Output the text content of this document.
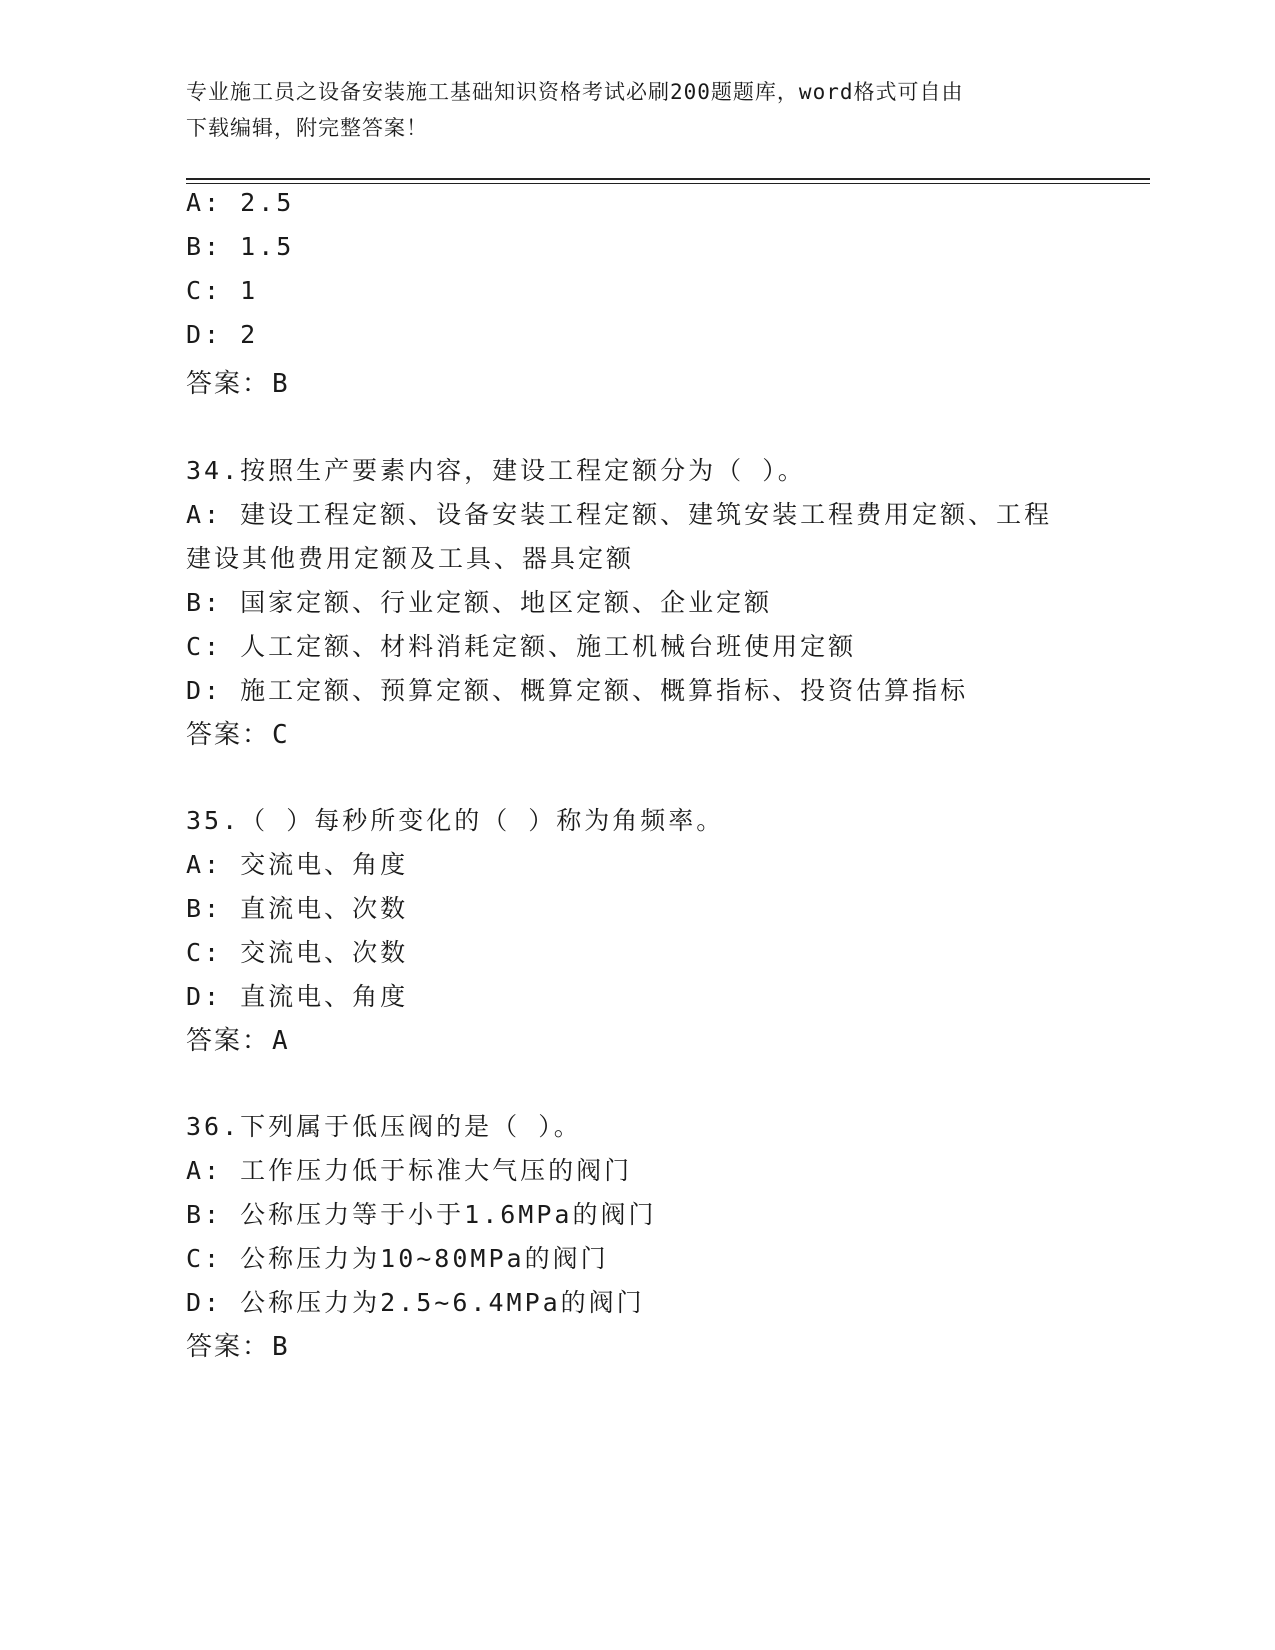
专业施工员之设备安装施工基础知识资格考试必刷200题题库，word格式可自由
下载编辑，附完整答案！
A: 2.5
B: 1.5
C: 1
D: 2
答案：B
34.按照生产要素内容，建设工程定额分为（ ）。
A: 建设工程定额、设备安装工程定额、建筑安装工程费用定额、工程
建设其他费用定额及工具、器具定额
B: 国家定额、行业定额、地区定额、企业定额
C: 人工定额、材料消耗定额、施工机械台班使用定额
D: 施工定额、预算定额、概算定额、概算指标、投资估算指标
答案：C
35.（ ）每秒所变化的（ ）称为角频率。
A: 交流电、角度
B: 直流电、次数
C: 交流电、次数
D: 直流电、角度
答案：A
36.下列属于低压阀的是（ ）。
A: 工作压力低于标准大气压的阀门
B: 公称压力等于小于1.6MPa的阀门
C: 公称压力为10~80MPa的阀门
D: 公称压力为2.5~6.4MPa的阀门
答案：B
